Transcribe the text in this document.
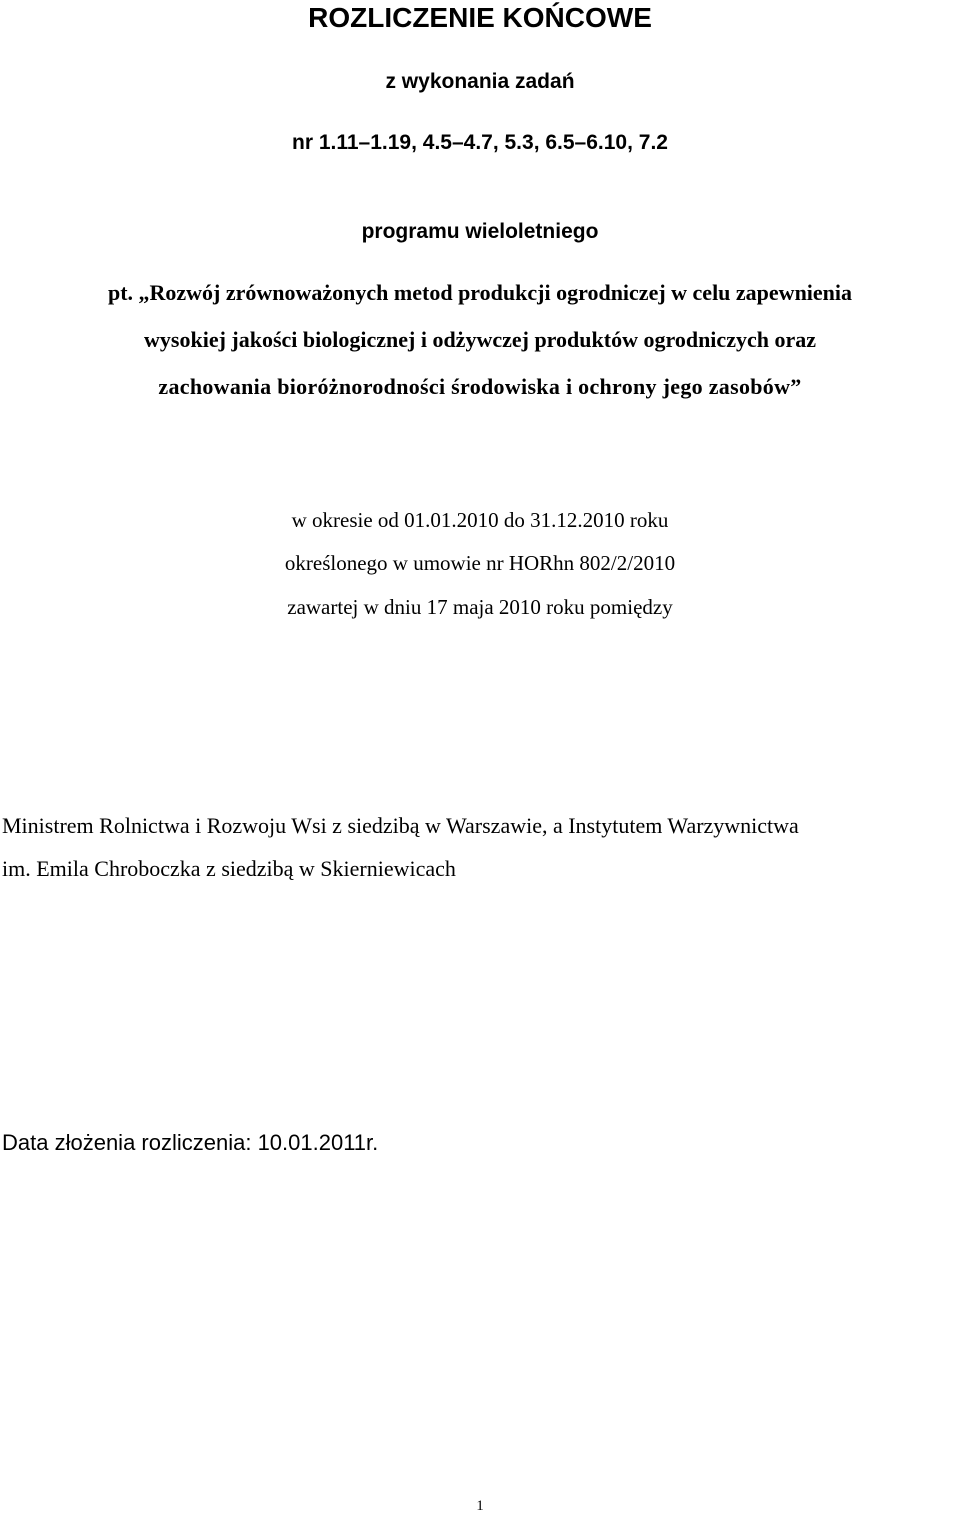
ROZLICZENIE KOŃCOWE

z wykonania zadań

nr 1.11–1.19, 4.5–4.7, 5.3, 6.5–6.10, 7.2

programu wieloletniego

pt. „Rozwój zrównoważonych metod produkcji ogrodniczej w celu zapewnienia

wysokiej jakości biologicznej i odżywczej produktów ogrodniczych oraz

zachowania bioróżnorodności środowiska i ochrony jego zasobów”

w okresie od 01.01.2010 do 31.12.2010 roku

określonego w umowie nr HORhn 802/2/2010

zawartej w dniu 17 maja 2010 roku pomiędzy

Ministrem Rolnictwa i Rozwoju Wsi z siedzibą w Warszawie, a Instytutem Warzywnictwa

im. Emila Chroboczka z siedzibą w Skierniewicach

Data złożenia rozliczenia: 10.01.2011r.

1
